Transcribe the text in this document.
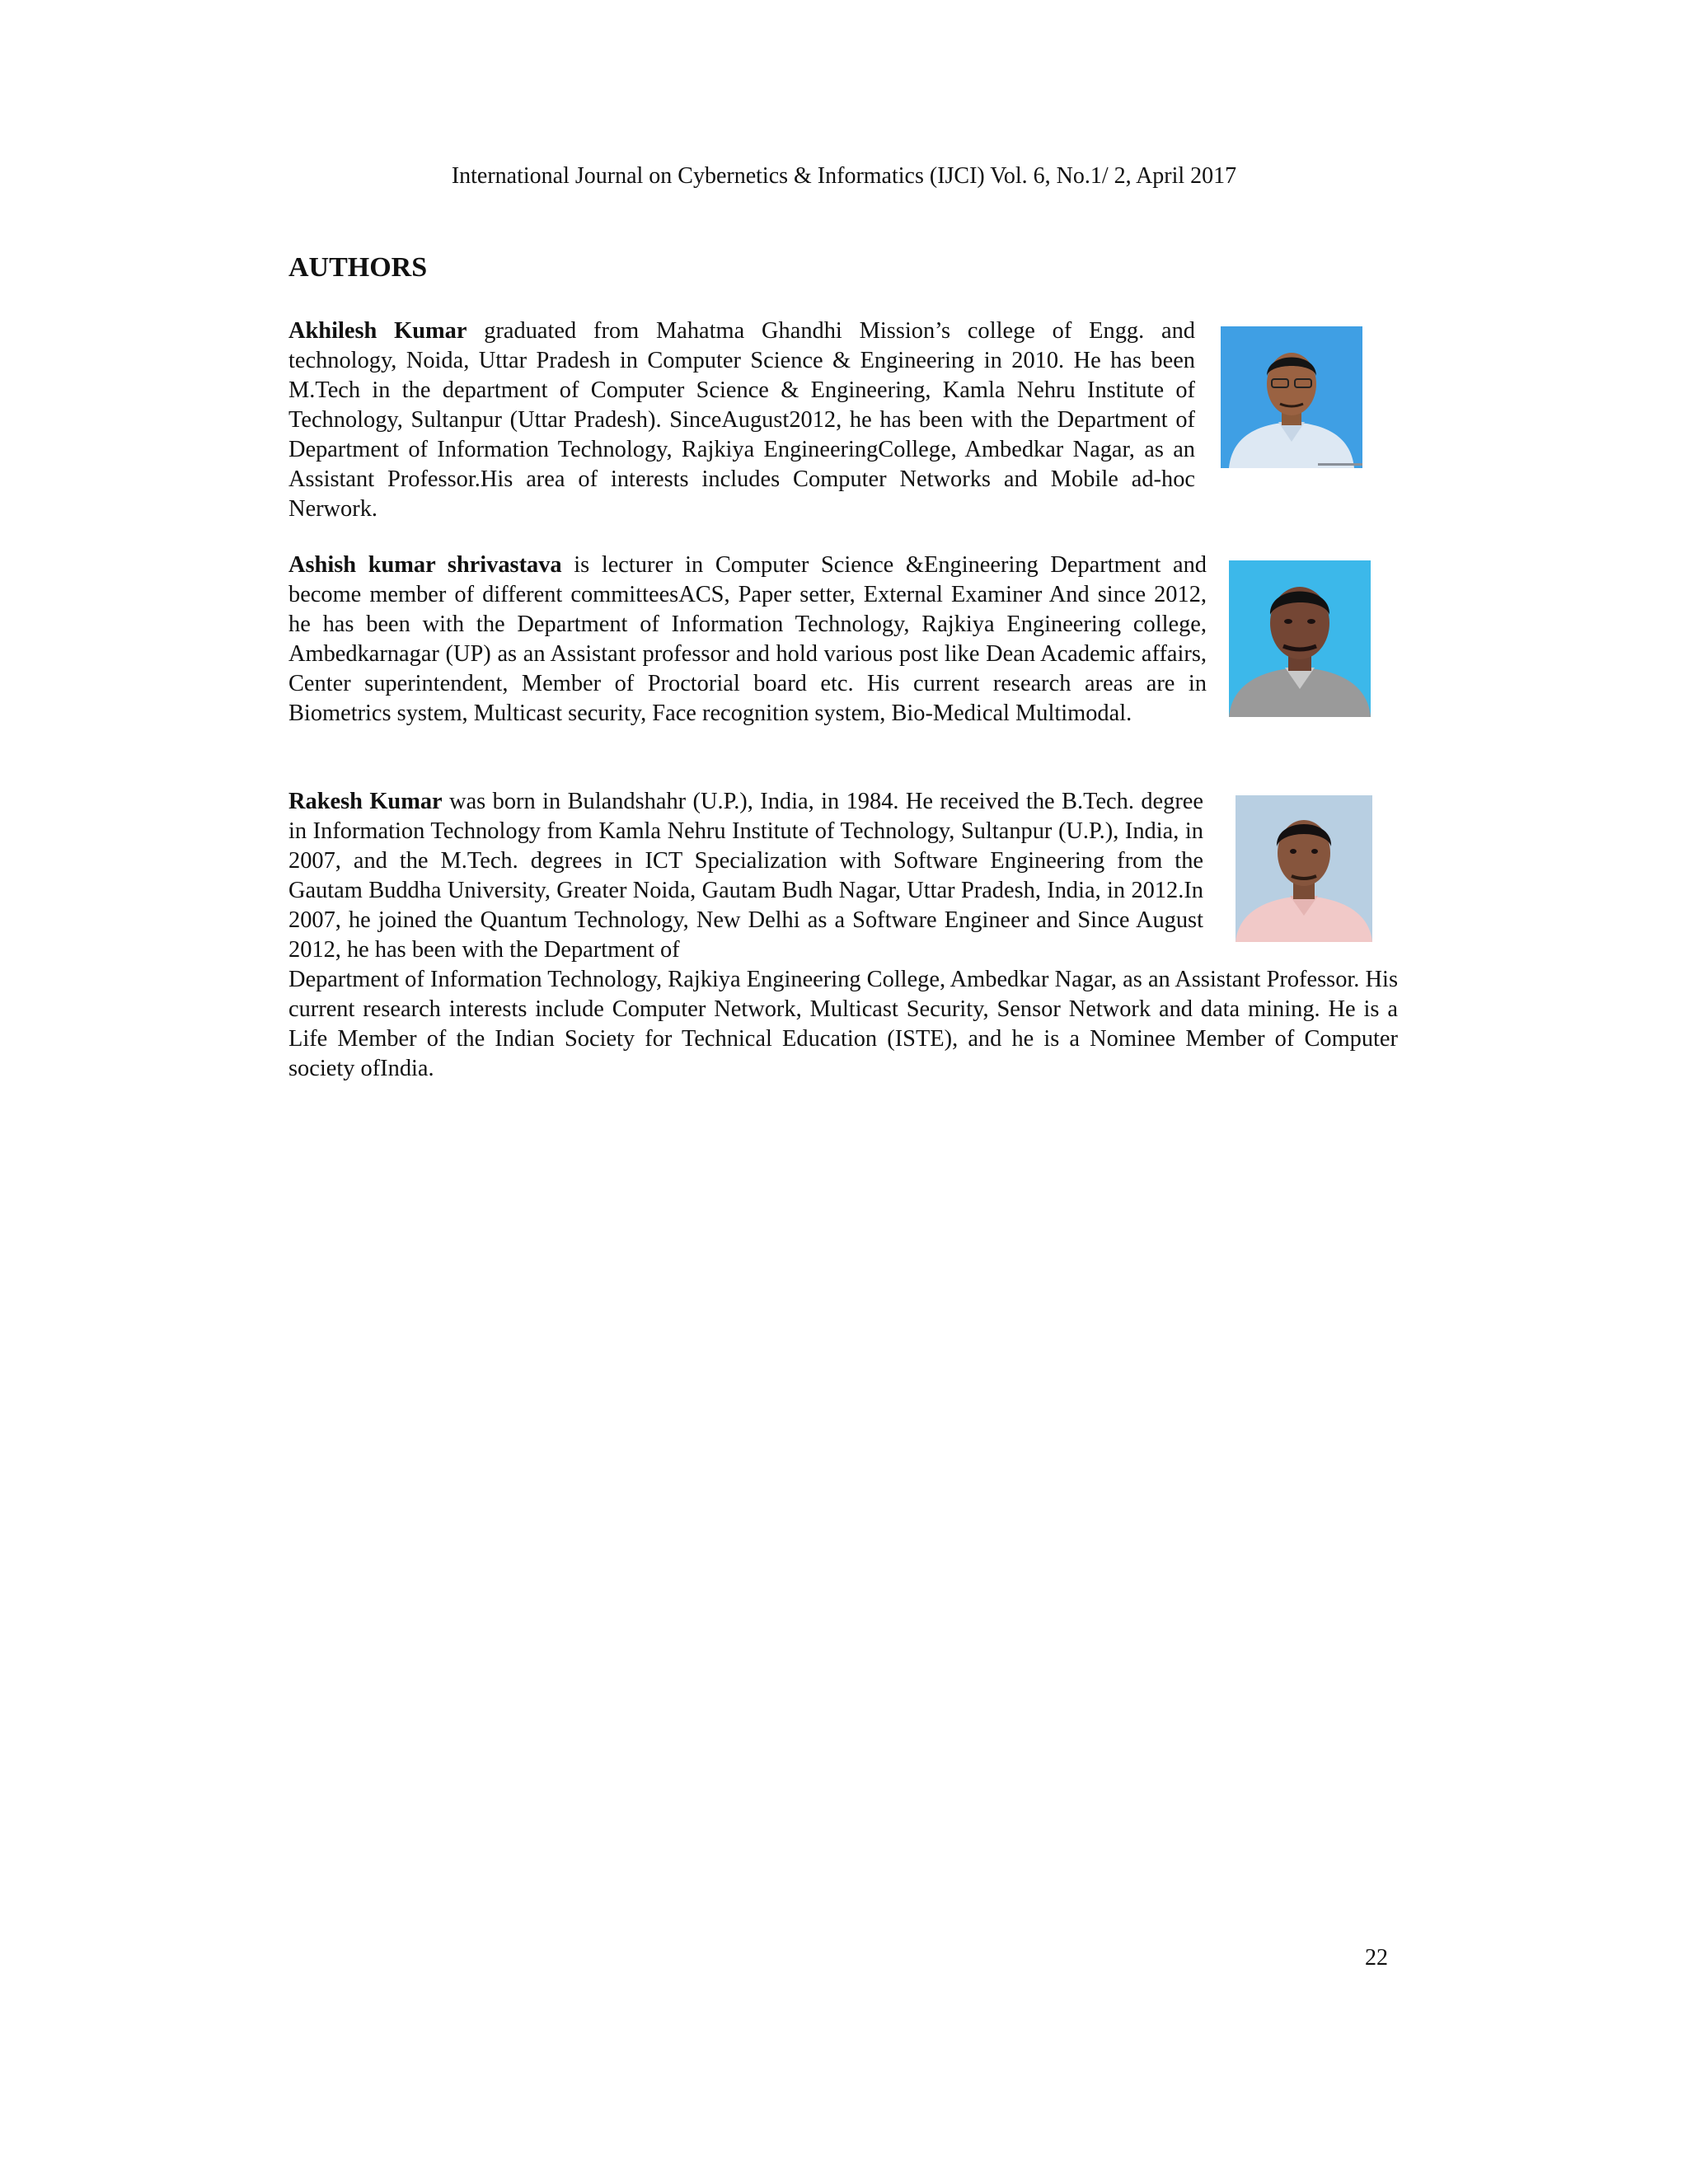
International Journal on Cybernetics & Informatics (IJCI) Vol. 6, No.1/ 2, April 2017
AUTHORS

Akhilesh Kumar graduated from Mahatma Ghandhi Mission’s college of Engg. and technology, Noida, Uttar Pradesh in Computer Science & Engineering in 2010. He has been M.Tech in the department of Computer Science & Engineering, Kamla Nehru Institute of Technology, Sultanpur (Uttar Pradesh). SinceAugust2012, he has been with the Department of Department of Information Technology, Rajkiya EngineeringCollege, Ambedkar Nagar, as an Assistant Professor.His area of interests includes Computer Networks and Mobile ad-hoc Nerwork.

Ashish kumar shrivastava is lecturer in Computer Science &Engineering Department and become member of different committeesACS, Paper setter, External Examiner And since 2012, he has been with the Department of Information Technology, Rajkiya Engineering college, Ambedkarnagar (UP) as an Assistant professor and hold various post like Dean Academic affairs, Center superintendent, Member of Proctorial board etc. His current research areas are in Biometrics system, Multicast security, Face recognition system, Bio-Medical Multimodal.

Rakesh Kumar was born in Bulandshahr (U.P.), India, in 1984. He received the B.Tech. degree in Information Technology from Kamla Nehru Institute of Technology, Sultanpur (U.P.), India, in 2007, and the M.Tech. degrees in ICT Specialization with Software Engineering from the Gautam Buddha University, Greater Noida, Gautam Budh Nagar, Uttar Pradesh, India, in 2012.In 2007, he joined the Quantum Technology, New Delhi as a Software Engineer and Since August 2012, he has been with the Department of

Department of Information Technology, Rajkiya Engineering College, Ambedkar Nagar, as an Assistant Professor. His current research interests include Computer Network, Multicast Security, Sensor Network and data mining. He is a Life Member of the Indian Society for Technical Education (ISTE), and he is a Nominee Member of Computer society ofIndia.

22
